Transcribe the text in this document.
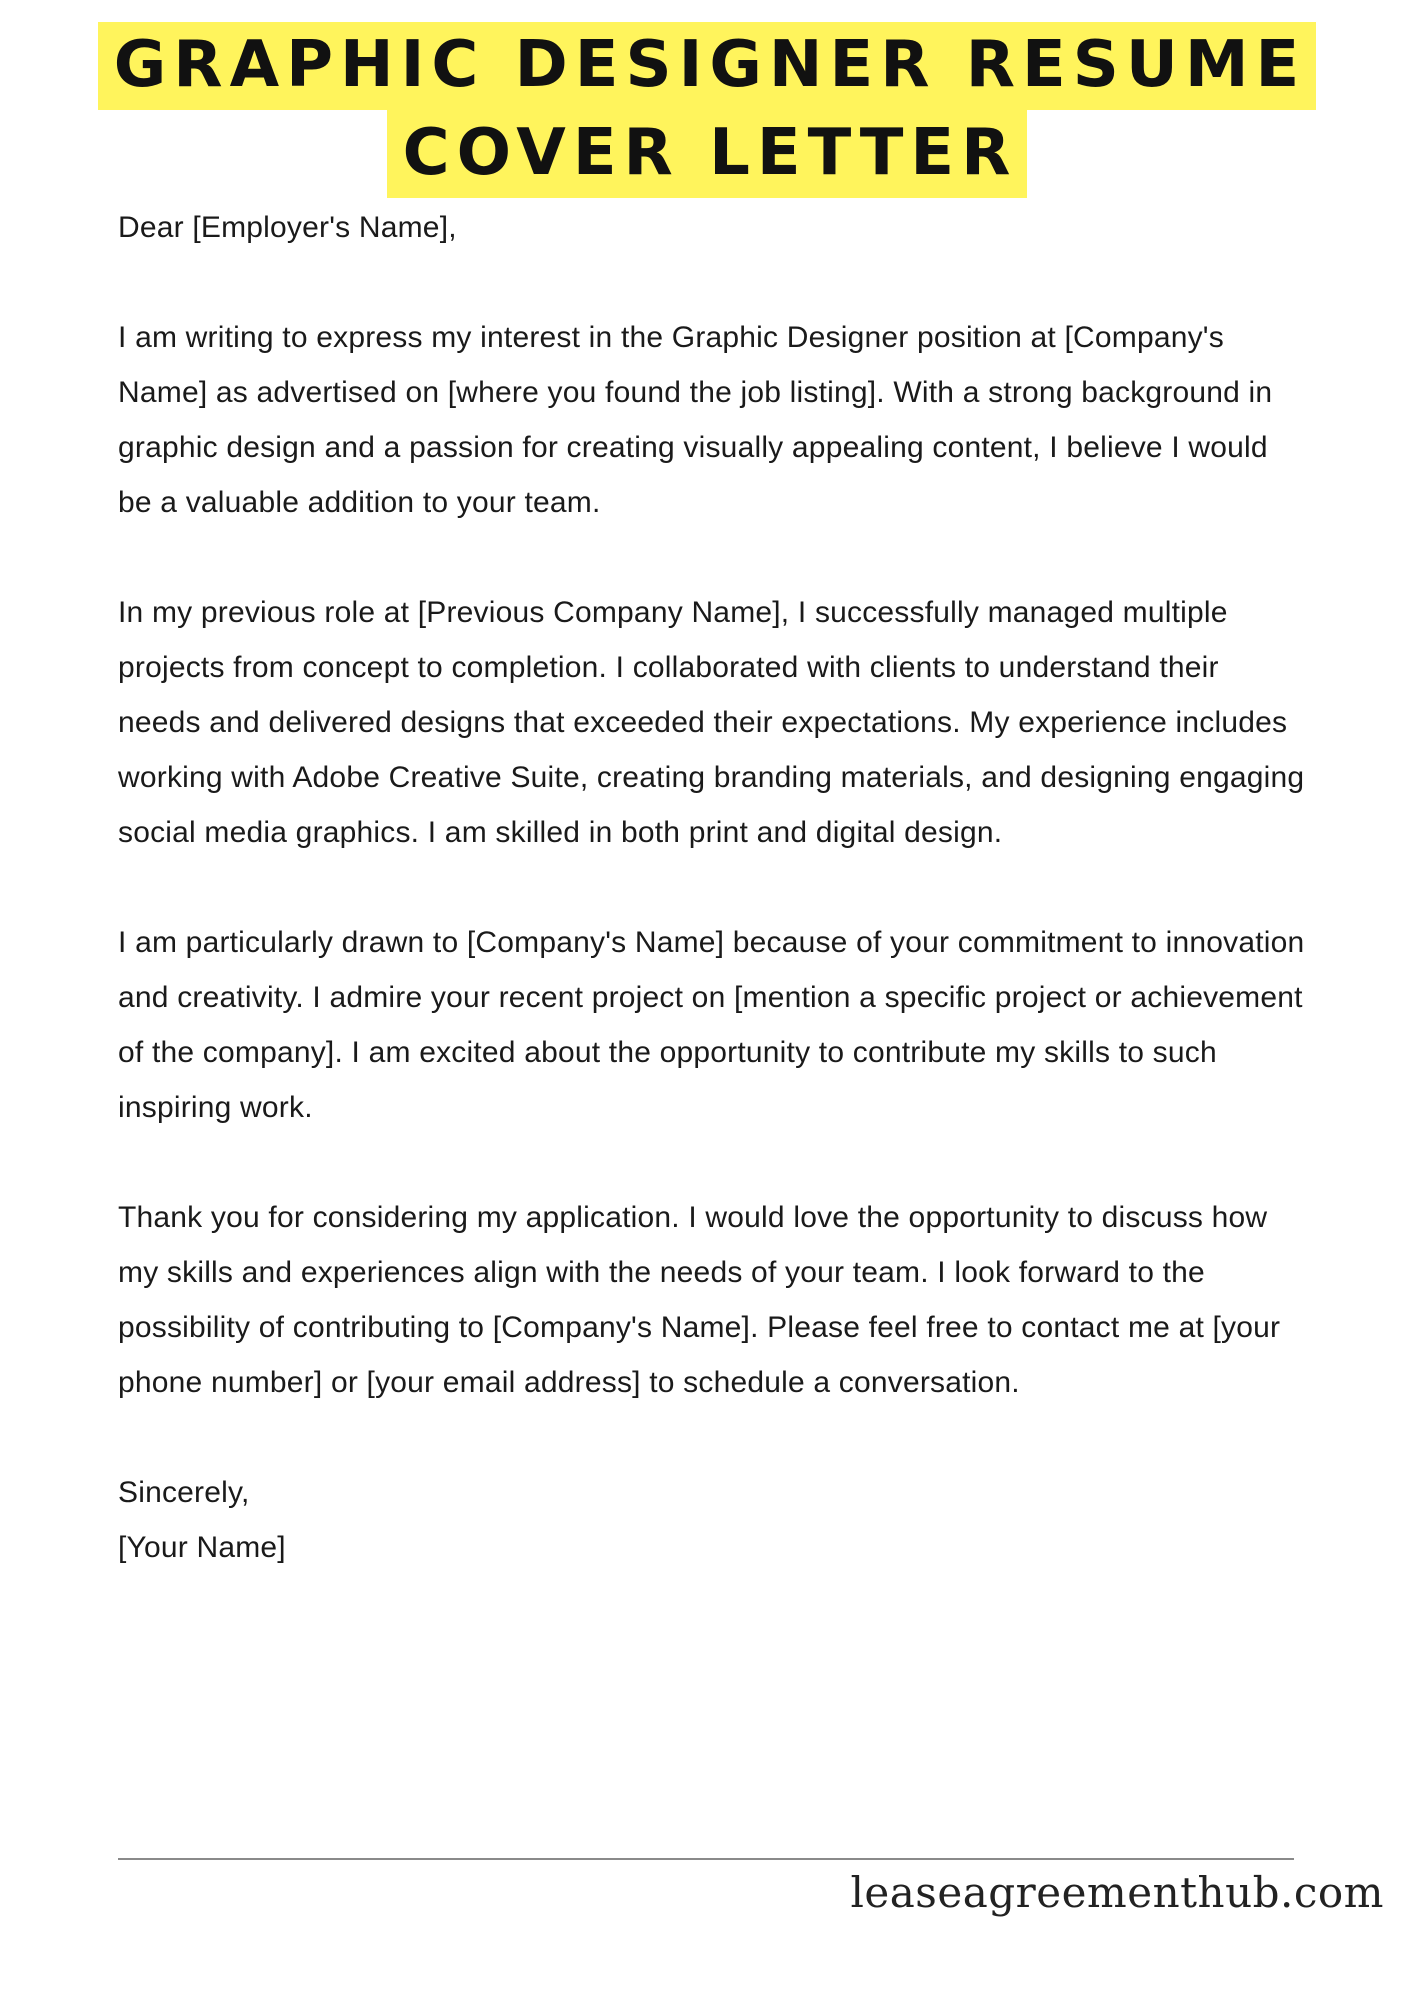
GRAPHIC DESIGNER RESUME
COVER LETTER

Dear [Employer's Name],

I am writing to express my interest in the Graphic Designer position at [Company's Name] as advertised on [where you found the job listing]. With a strong background in graphic design and a passion for creating visually appealing content, I believe I would be a valuable addition to your team.

In my previous role at [Previous Company Name], I successfully managed multiple projects from concept to completion. I collaborated with clients to understand their needs and delivered designs that exceeded their expectations. My experience includes working with Adobe Creative Suite, creating branding materials, and designing engaging social media graphics. I am skilled in both print and digital design.

I am particularly drawn to [Company's Name] because of your commitment to innovation and creativity. I admire your recent project on [mention a specific project or achievement of the company]. I am excited about the opportunity to contribute my skills to such inspiring work.

Thank you for considering my application. I would love the opportunity to discuss how my skills and experiences align with the needs of your team. I look forward to the possibility of contributing to [Company's Name]. Please feel free to contact me at [your phone number] or [your email address] to schedule a conversation.

Sincerely,

[Your Name]

leaseagreementhub.com
